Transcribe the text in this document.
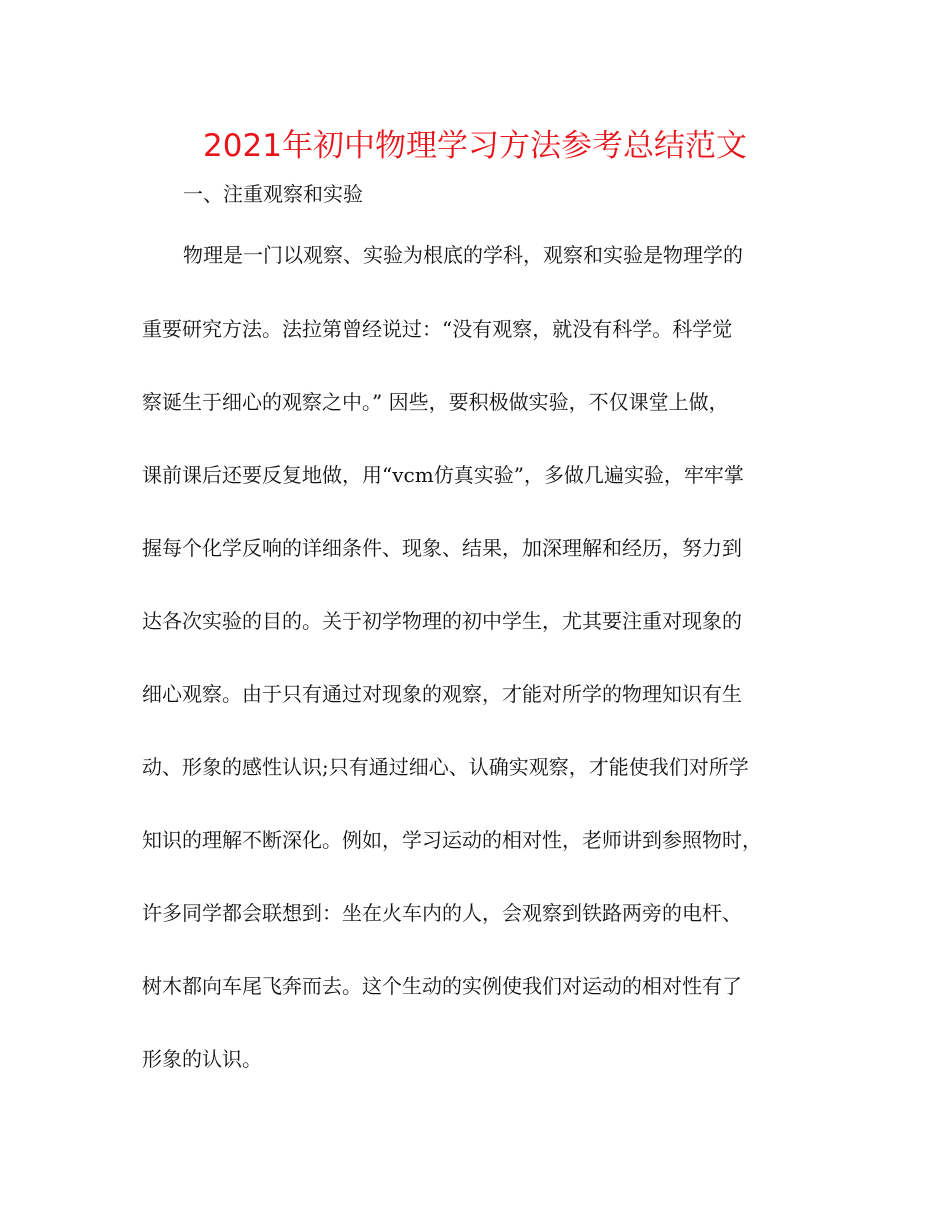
2021年初中物理学习方法参考总结范文
一、注重观察和实验
物理是一门以观察、实验为根底的学科，观察和实验是物理学的
重要研究方法。法拉第曾经说过：“没有观察，就没有科学。科学觉
察诞生于细心的观察之中。” 因些，要积极做实验，不仅课堂上做，
课前课后还要反复地做，用“vcm仿真实验”，多做几遍实验，牢牢掌
握每个化学反响的详细条件、现象、结果，加深理解和经历，努力到
达各次实验的目的。关于初学物理的初中学生，尤其要注重对现象的
细心观察。由于只有通过对现象的观察，才能对所学的物理知识有生
动、形象的感性认识;只有通过细心、认确实观察，才能使我们对所学
知识的理解不断深化。例如，学习运动的相对性，老师讲到参照物时，
许多同学都会联想到：坐在火车内的人，会观察到铁路两旁的电杆、
树木都向车尾飞奔而去。这个生动的实例使我们对运动的相对性有了
形象的认识。
